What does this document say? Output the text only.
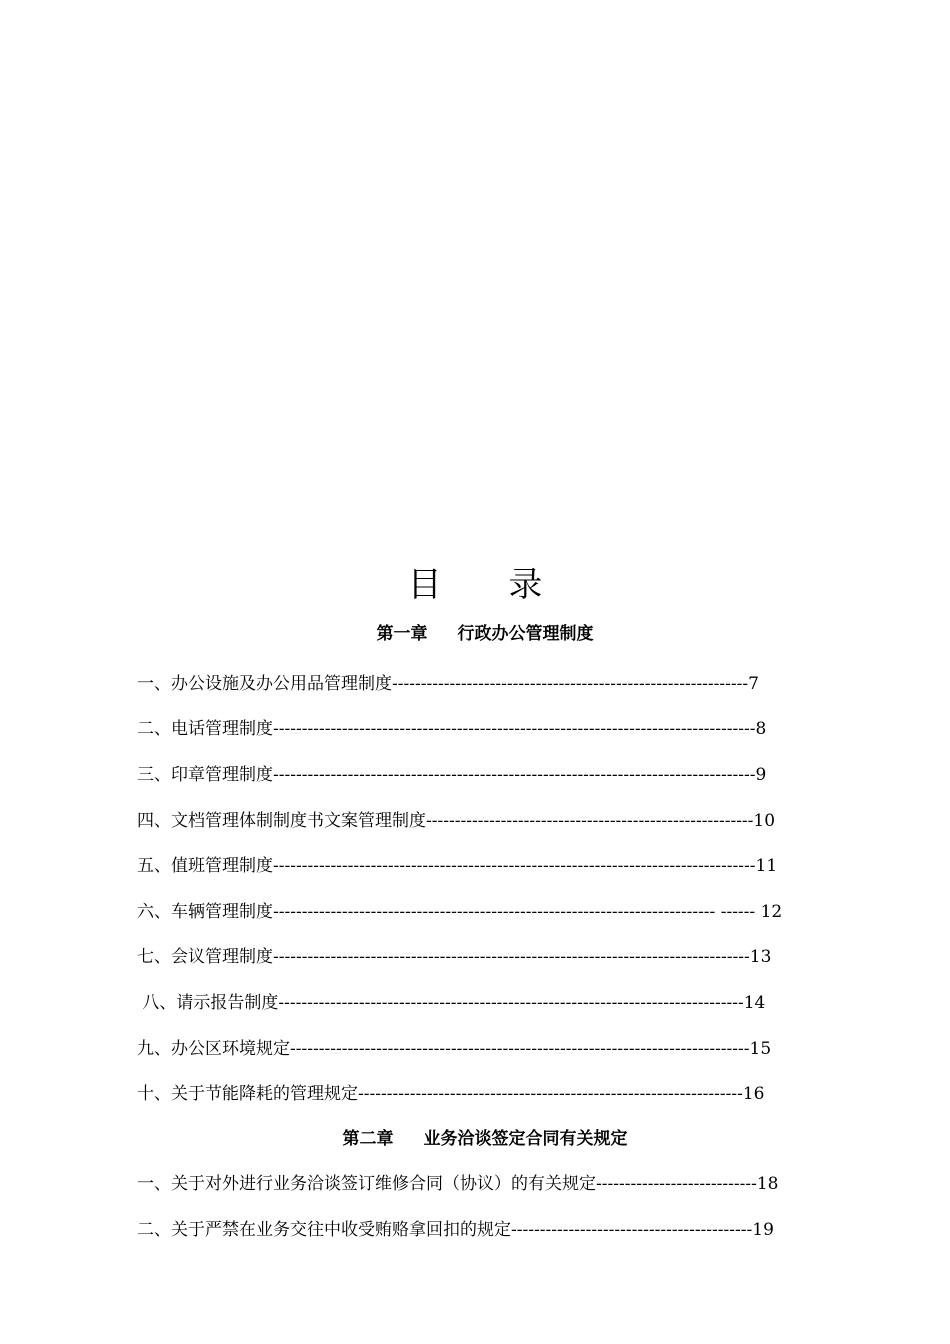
目 录
第一章 行政办公管理制度
一、办公设施及办公用品管理制度--------------------------------------------------------------7
二、电话管理制度------------------------------------------------------------------------------------8
三、印章管理制度------------------------------------------------------------------------------------9
四、文档管理体制制度书文案管理制度---------------------------------------------------------10
五、值班管理制度------------------------------------------------------------------------------------11
六、车辆管理制度----------------------------------------------------------------------------- ------ 12
七、会议管理制度-----------------------------------------------------------------------------------13
八、请示报告制度---------------------------------------------------------------------------------14
九、办公区环境规定--------------------------------------------------------------------------------15
十、关于节能降耗的管理规定-------------------------------------------------------------------16
第二章 业务洽谈签定合同有关规定
一、关于对外进行业务洽谈签订维修合同（协议）的有关规定----------------------------18
二、关于严禁在业务交往中收受贿赂拿回扣的规定------------------------------------------19
